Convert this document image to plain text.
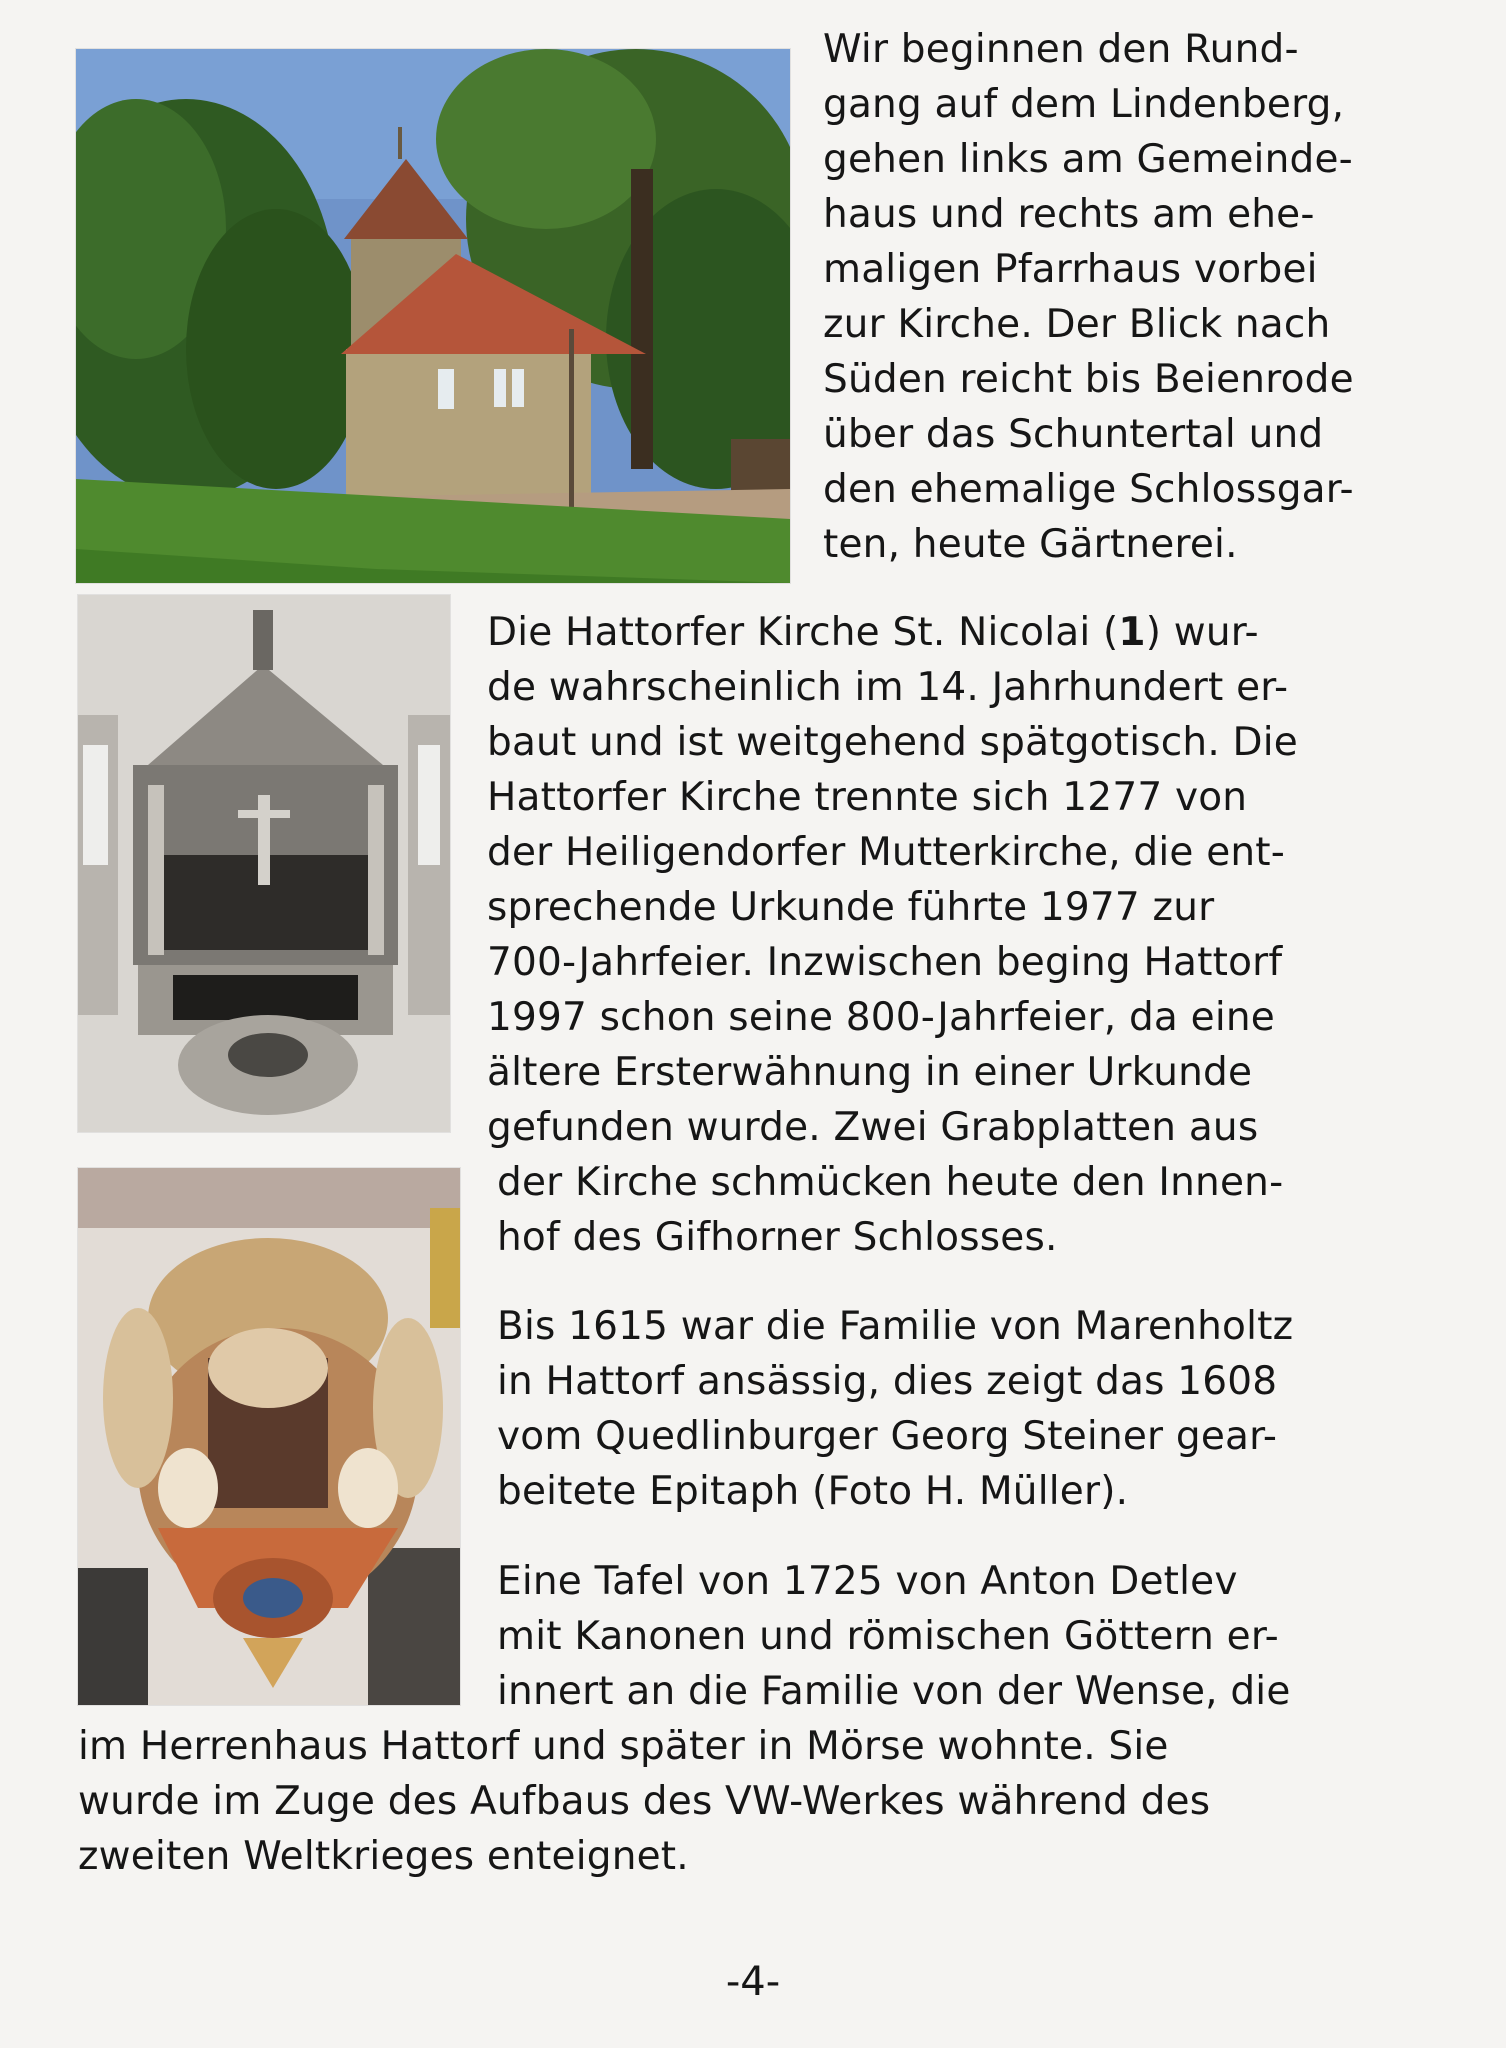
Wir beginnen den Rund-
gang auf dem Lindenberg,
gehen links am Gemeinde-
haus und rechts am ehe-
maligen Pfarrhaus vorbei
zur Kirche. Der Blick nach
Süden reicht bis Beienrode
über das Schuntertal und
den ehemalige Schlossgar-
ten, heute Gärtnerei.
Die Hattorfer Kirche St. Nicolai (1) wur-
de wahrscheinlich im 14. Jahrhundert er-
baut und ist weitgehend spätgotisch. Die
Hattorfer Kirche trennte sich 1277 von
der Heiligendorfer Mutterkirche, die ent-
sprechende Urkunde führte 1977 zur
700-Jahrfeier. Inzwischen beging Hattorf
1997 schon seine 800-Jahrfeier, da eine
ältere Ersterwähnung in einer Urkunde
gefunden wurde. Zwei Grabplatten aus
der Kirche schmücken heute den Innen-
hof des Gifhorner Schlosses.
Bis 1615 war die Familie von Marenholtz
in Hattorf ansässig, dies zeigt das 1608
vom Quedlinburger Georg Steiner gear-
beitete Epitaph (Foto H. Müller).
Eine Tafel von 1725 von Anton Detlev
mit Kanonen und römischen Göttern er-
innert an die Familie von der Wense, die
im Herrenhaus Hattorf und später in Mörse wohnte. Sie
wurde im Zuge des Aufbaus des VW-Werkes während des
zweiten Weltkrieges enteignet.
-4-
